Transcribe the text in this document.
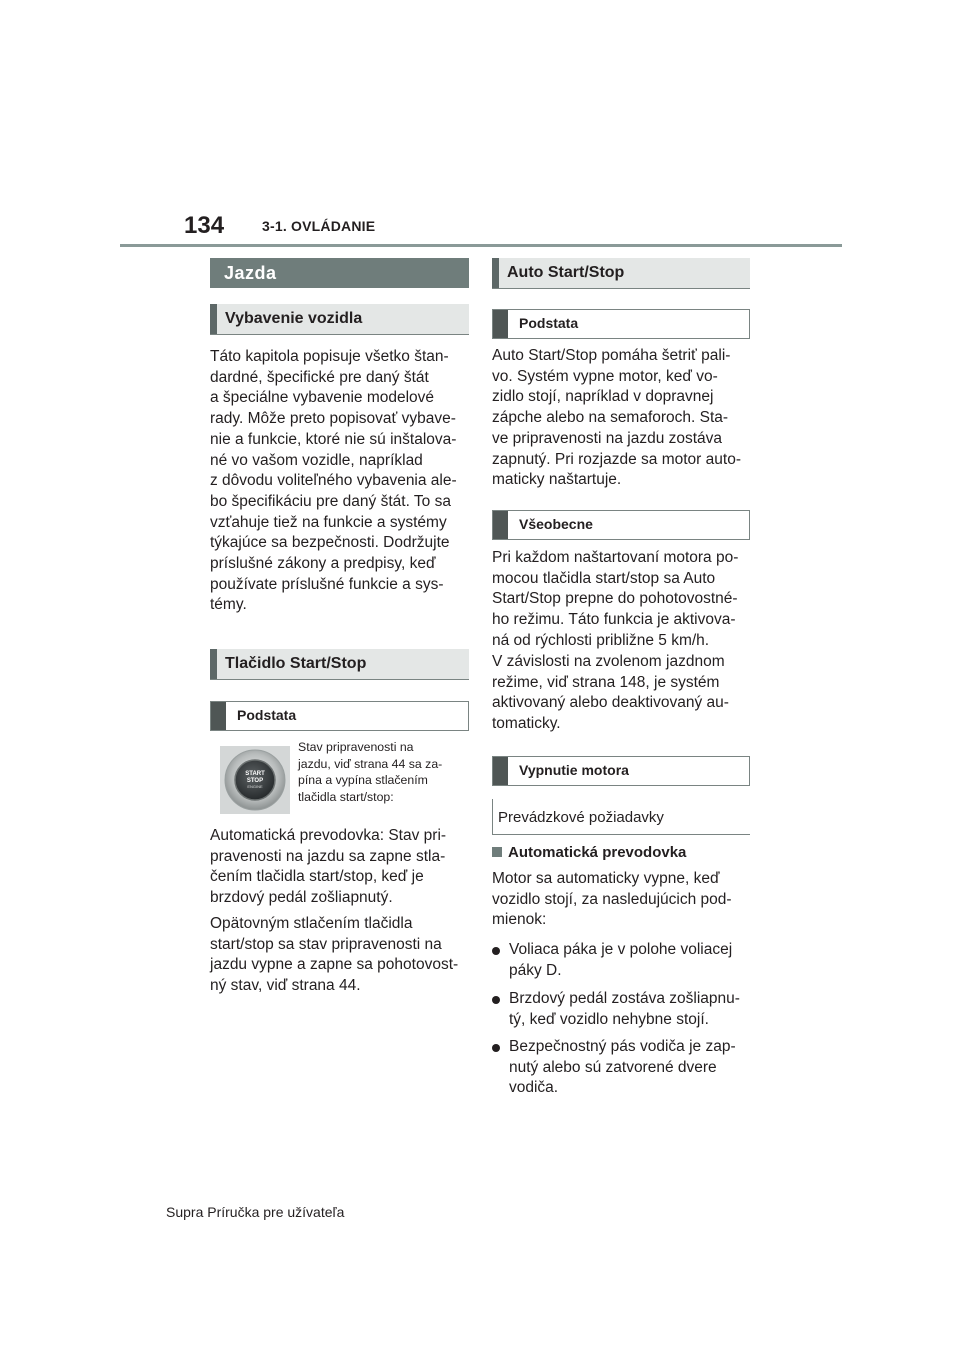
134	3-1. OVLÁDANIE
Jazda
Vybavenie vozidla
Táto kapitola popisuje všetko štan-
dardné, špecifické pre daný štát
a špeciálne vybavenie modelové
rady. Môže preto popisovať vybave-
nie a funkcie, ktoré nie sú inštalova-
né vo vašom vozidle, napríklad
z dôvodu voliteľného vybavenia ale-
bo špecifikáciu pre daný štát. To sa
vzťahuje tiež na funkcie a systémy
týkajúce sa bezpečnosti. Dodržujte
príslušné zákony a predpisy, keď
používate príslušné funkcie a sys-
témy.
Tlačidlo Start/Stop
Podstata
START
STOP
ENGINE
Stav pripravenosti na
jazdu, viď strana 44 sa za-
pína a vypína stlačením
tlačidla start/stop:
Automatická prevodovka: Stav pri-
pravenosti na jazdu sa zapne stla-
čením tlačidla start/stop, keď je
brzdový pedál zošliapnutý.
Opätovným stlačením tlačidla
start/stop sa stav pripravenosti na
jazdu vypne a zapne sa pohotovost-
ný stav, viď strana 44.
Auto Start/Stop
Podstata
Auto Start/Stop pomáha šetriť pali-
vo. Systém vypne motor, keď vo-
zidlo stojí, napríklad v dopravnej
zápche alebo na semaforoch. Sta-
ve pripravenosti na jazdu zostáva
zapnutý. Pri rozjazde sa motor auto-
maticky naštartuje.
Všeobecne
Pri každom naštartovaní motora po-
mocou tlačidla start/stop sa Auto
Start/Stop prepne do pohotovostné-
ho režimu. Táto funkcia je aktivova-
ná od rýchlosti približne 5 km/h.
V závislosti na zvolenom jazdnom
režime, viď strana 148, je systém
aktivovaný alebo deaktivovaný au-
tomaticky.
Vypnutie motora
Prevádzkové požiadavky
Automatická prevodovka
Motor sa automaticky vypne, keď
vozidlo stojí, za nasledujúcich pod-
mienok:
Voliaca páka je v polohe voliacej
páky D.
Brzdový pedál zostáva zošliapnu-
tý, keď vozidlo nehybne stojí.
Bezpečnostný pás vodiča je zap-
nutý alebo sú zatvorené dvere
vodiča.
Supra Príručka pre užívateľa
